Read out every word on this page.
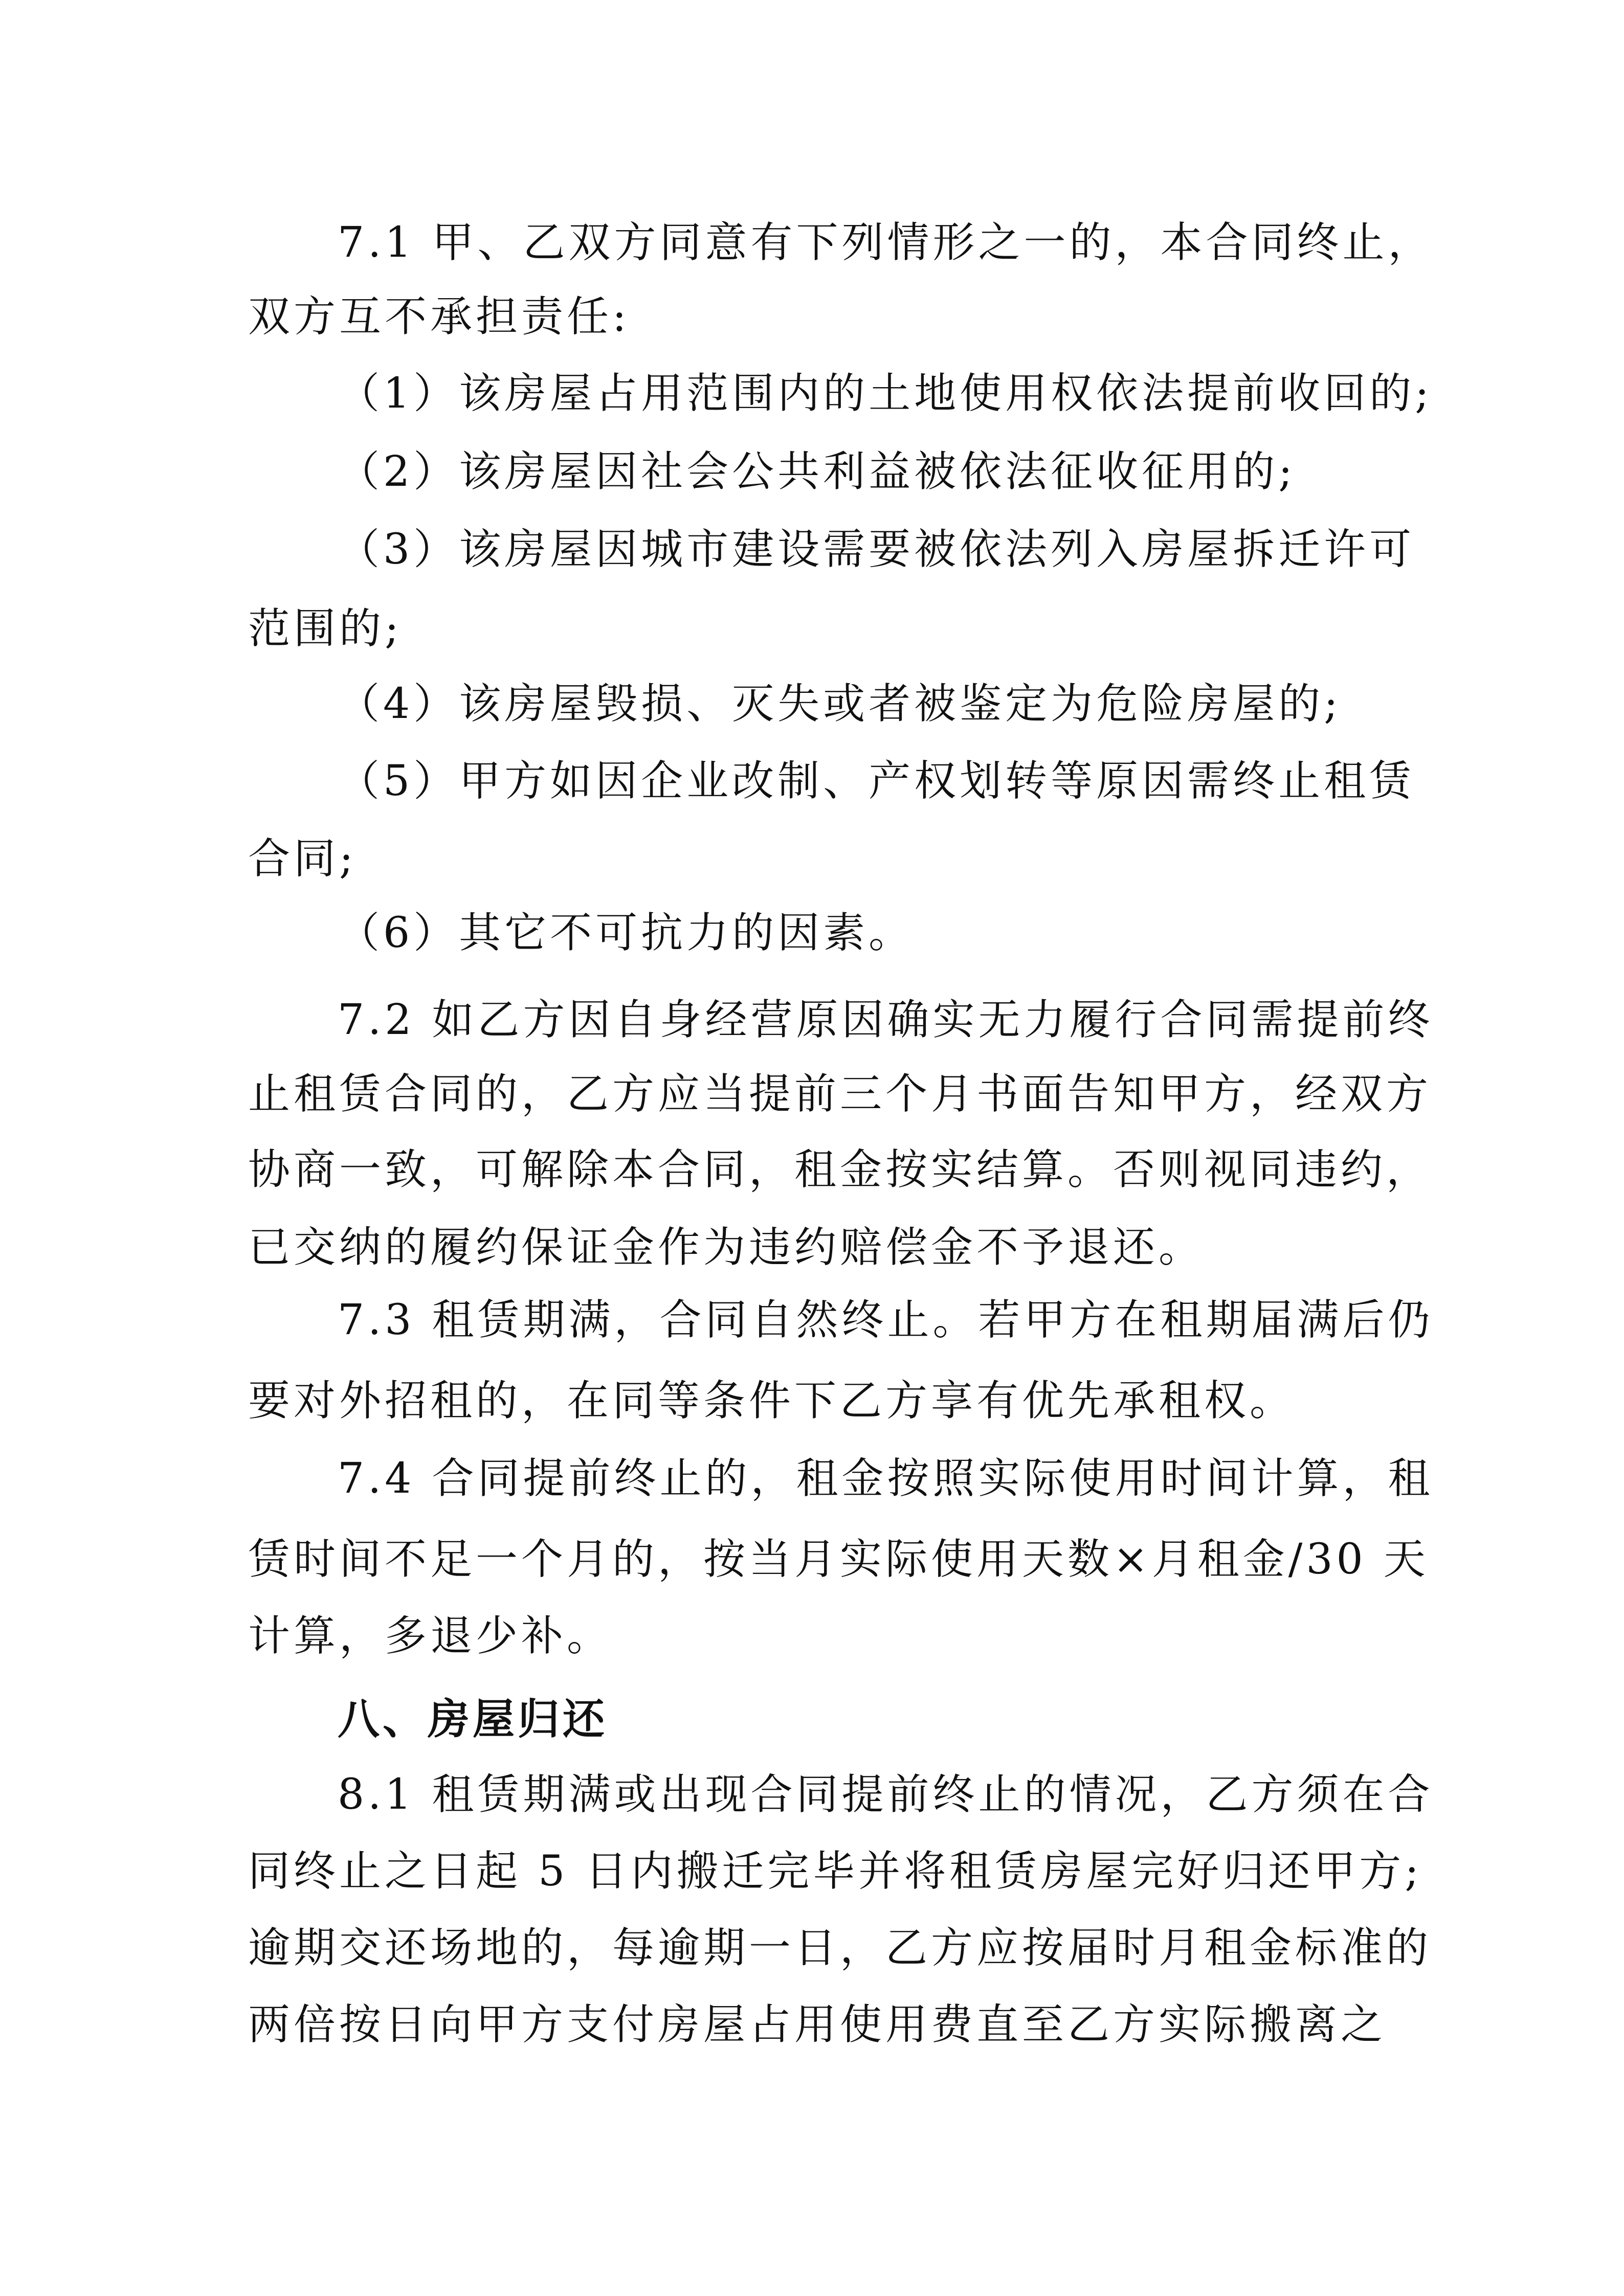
7.1 甲、乙双方同意有下列情形之一的，本合同终止，
双方互不承担责任:
（1）该房屋占用范围内的土地使用权依法提前收回的;
（2）该房屋因社会公共利益被依法征收征用的;
（3）该房屋因城市建设需要被依法列入房屋拆迁许可
范围的;
（4）该房屋毁损、灭失或者被鉴定为危险房屋的;
（5）甲方如因企业改制、产权划转等原因需终止租赁
合同;
（6）其它不可抗力的因素。
7.2 如乙方因自身经营原因确实无力履行合同需提前终
止租赁合同的，乙方应当提前三个月书面告知甲方，经双方
协商一致，可解除本合同，租金按实结算。否则视同违约，
已交纳的履约保证金作为违约赔偿金不予退还。
7.3 租赁期满，合同自然终止。若甲方在租期届满后仍
要对外招租的，在同等条件下乙方享有优先承租权。
7.4 合同提前终止的，租金按照实际使用时间计算，租
赁时间不足一个月的，按当月实际使用天数×月租金/30 天
计算，多退少补。
八、房屋归还
8.1 租赁期满或出现合同提前终止的情况，乙方须在合
同终止之日起 5 日内搬迁完毕并将租赁房屋完好归还甲方;
逾期交还场地的，每逾期一日，乙方应按届时月租金标准的
两倍按日向甲方支付房屋占用使用费直至乙方实际搬离之
